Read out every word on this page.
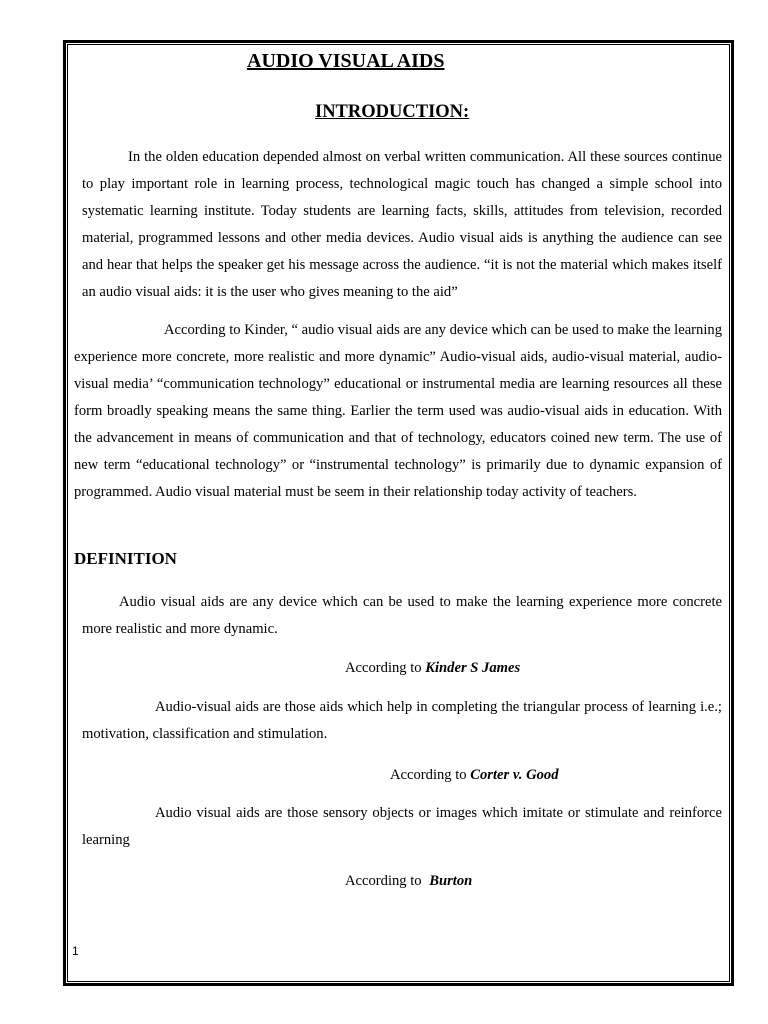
AUDIO VISUAL AIDS
INTRODUCTION:

In the olden education depended almost on verbal written communication. All these sources continue to play important role in learning process, technological magic touch has changed a simple school into systematic learning institute. Today students are learning facts, skills, attitudes from television, recorded material, programmed lessons and other media devices. Audio visual aids is anything the audience can see and hear that helps the speaker get his message across the audience. “it is not the material which makes itself an audio visual aids: it is the user who gives meaning to the aid”

According to Kinder, “ audio visual aids are any device which can be used to make the learning experience more concrete, more realistic and more dynamic” Audio-visual aids, audio-visual material, audio-visual media’ “communication technology” educational or instrumental media are learning resources all these form broadly speaking means the same thing. Earlier the term used was audio-visual aids in education. With the advancement in means of communication and that of technology, educators coined new term. The use of new term “educational technology” or “instrumental technology” is primarily due to dynamic expansion of programmed. Audio visual material must be seem in their relationship today activity of teachers.

DEFINITION

Audio visual aids are any device which can be used to make the learning experience more concrete more realistic and more dynamic.

According to Kinder S James

Audio-visual aids are those aids which help in completing the triangular process of learning i.e.; motivation, classification and stimulation.

According to Corter v. Good

Audio visual aids are those sensory objects or images which imitate or stimulate and reinforce learning

According to Burton

1
